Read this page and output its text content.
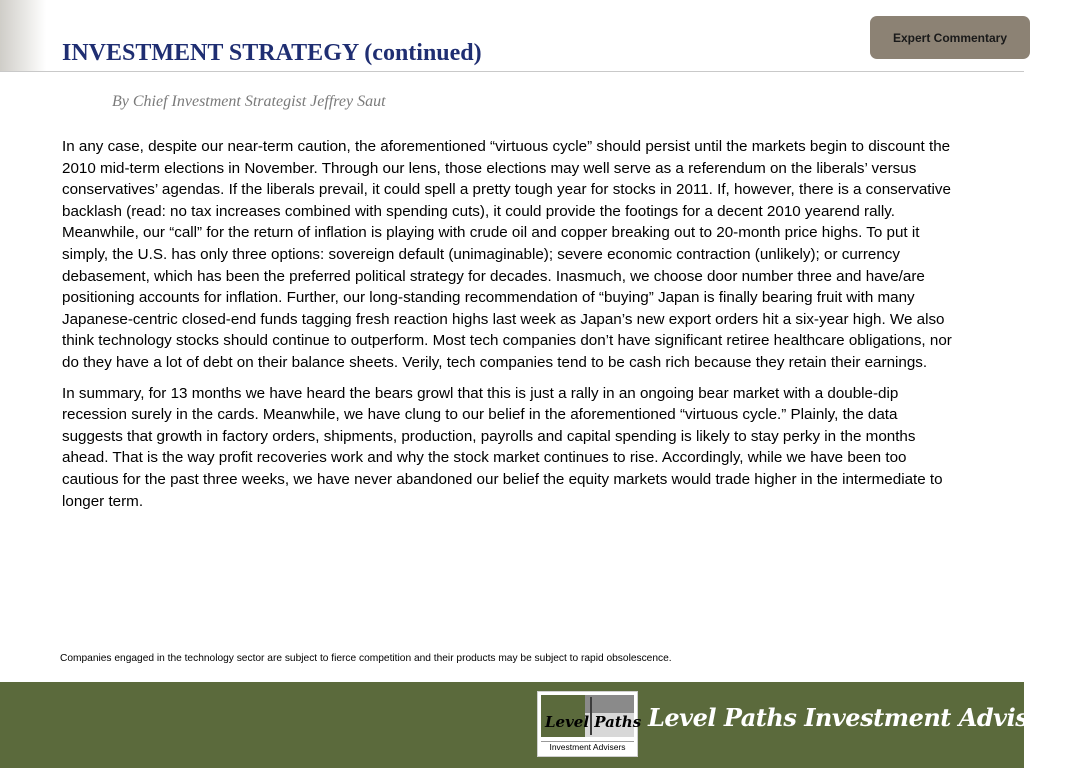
INVESTMENT STRATEGY (continued)
Expert Commentary
By Chief Investment Strategist Jeffrey Saut

In any case, despite our near-term caution, the aforementioned “virtuous cycle” should persist until the markets begin to discount the 2010 mid-term elections in November. Through our lens, those elections may well serve as a referendum on the liberals’ versus conservatives’ agendas. If the liberals prevail, it could spell a pretty tough year for stocks in 2011. If, however, there is a conservative backlash (read: no tax increases combined with spending cuts), it could provide the footings for a decent 2010 yearend rally. Meanwhile, our “call” for the return of inflation is playing with crude oil and copper breaking out to 20-month price highs. To put it simply, the U.S. has only three options: sovereign default (unimaginable); severe economic contraction (unlikely); or currency debasement, which has been the preferred political strategy for decades. Inasmuch, we choose door number three and have/are positioning accounts for inflation. Further, our long-standing recommendation of “buying” Japan is finally bearing fruit with many Japanese-centric closed-end funds tagging fresh reaction highs last week as Japan’s new export orders hit a six-year high. We also think technology stocks should continue to outperform. Most tech companies don’t have significant retiree healthcare obligations, nor do they have a lot of debt on their balance sheets. Verily, tech companies tend to be cash rich because they retain their earnings.

In summary, for 13 months we have heard the bears growl that this is just a rally in an ongoing bear market with a double-dip recession surely in the cards. Meanwhile, we have clung to our belief in the aforementioned “virtuous cycle.” Plainly, the data suggests that growth in factory orders, shipments, production, payrolls and capital spending is likely to stay perky in the months ahead. That is the way profit recoveries work and why the stock market continues to rise. Accordingly, while we have been too cautious for the past three weeks, we have never abandoned our belief the equity markets would trade higher in the intermediate to longer term.

Companies engaged in the technology sector are subject to fierce competition and their products may be subject to rapid obsolescence.
Level Paths
Investment Advisers
Level Paths Investment Advisers
